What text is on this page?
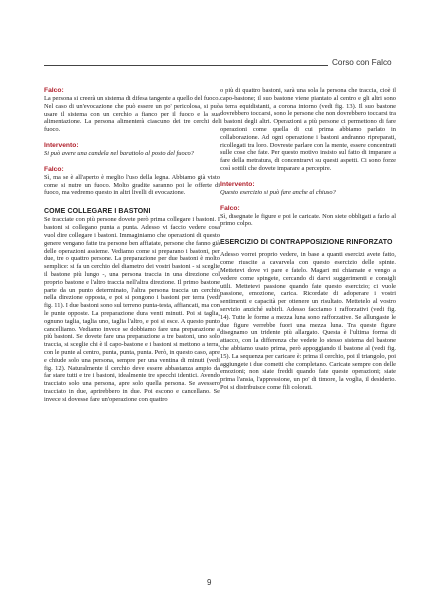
Corso con Falco

Falco:

La persona si creerà un sistema di difesa tangente a quello del fuoco. Nel caso di un'evocazione che può essere un po' pericolosa, si può usare il sistema con un cerchio a fianco per il fuoco e la sua alimentazione. La persona alimenterà ciascuno dei tre cerchi del fuoco.

Intervento:

Si può avere una candela nel barattolo al posto del fuoco?

Falco:

Sì, ma se è all'aperto è meglio l'uso della legna. Abbiamo già visto come si nutre un fuoco. Molto gradite saranno poi le offerte di fuoco, ma vedremo questo in altri livelli di evocazione.

COME COLLEGARE I BASTONI

Se tracciate con più persone dovete però prima collegare i bastoni. I bastoni si collegano punta a punta. Adesso vi faccio vedere cosa vuol dire collegare i bastoni. Immaginiamo che operazioni di questo genere vengano fatte tra persone ben affiatate, persone che fanno già delle operazioni assieme. Vediamo come si preparano i bastoni, per due, tre o quattro persone. La preparazione per due bastoni è molto semplice: si fa un cerchio del diametro dei vostri bastoni - si sceglie il bastone più lungo -, una persona traccia in una direzione col proprio bastone e l'altro traccia nell'altra direzione. Il primo bastone parte da un punto determinato, l'altra persona traccia un cerchio nella direzione opposta, e poi si pongono i bastoni per terra (vedi fig. 11). I due bastoni sono sul terreno punta-testa, affiancati, ma con le punte opposte. La preparazione dura venti minuti. Poi si taglia, ognuno taglia, taglia uno, taglia l'altro, e poi si esce. A questo punto cancelliamo. Vediamo invece se dobbiamo fare una preparazione a più bastoni. Se dovete fare una preparazione a tre bastoni, uno solo traccia, si sceglie chi è il capo-bastone e i bastoni si mettono a terra, con le punte al centro, punta, punta, punta. Però, in questo caso, apre e chiude solo una persona, sempre per una ventina di minuti (vedi fig. 12). Naturalmente il cerchio deve essere abbastanza ampio da far stare tutti e tre i bastoni, idealmente tre specchi identici. Avendo tracciato solo una persona, apre solo quella persona. Se avessero tracciato in due, aprirebbero in due. Poi escono e cancellano. Se invece si dovesse fare un'operazione con quattro

o più di quattro bastoni, sarà una sola la persona che traccia, cioè il capo-bastone; il suo bastone viene piantato al centro e gli altri sono a terra equidistanti, a corona intorno (vedi fig. 13). Il suo bastone dovrebbero toccarsi, sono le persone che non dovrebbero toccarsi tra i bastoni degli altri. Operazioni a più persone ci permettono di fare operazioni come quella di cui prima abbiamo parlato in collaborazione. Ad ogni operazione i bastoni andranno ripreparati, ricollegati tra loro. Dovreste parlare con la mente, essere concentrati sulle cose che fate. Per questo motivo insisto sul fatto di imparare a fare della metratura, di concentrarvi su questi aspetti. Ci sono forze così sottili che dovete imparare a percepire.

Intervento:

Questo esercizio si può fare anche al chiuso?

Falco:

Sì, disegnate le figure e poi le caricate. Non siete obbligati a farlo al primo colpo.

ESERCIZIO DI CONTRAPPOSIZIONE RINFORZATO

Adesso vorrei proprio vedere, in base a quanti esercizi avete fatto, come riuscite a cavarvela con questo esercizio delle spinte. Mettetevi dove vi pare e fatelo. Magari mi chiamate e vengo a vedere come spingete, cercando di darvi suggerimenti e consigli utili. Mettetevi passione quando fate questo esercizio; ci vuole passione, emozione, carica. Ricordate di adoperare i vostri sentimenti e capacità per ottenere un risultato. Mettetelo al vostro servizio anziché subirli. Adesso facciamo i rafforzativi (vedi fig. 14). Tutte le forme a mezza luna sono rafforzative. Se allungaste le due figure verrebbe fuori una mezza luna. Tra queste figure disegnamo un tridente più allargato. Questa è l'ultima forma di attacco, con la differenza che vedete lo stesso sistema del bastone che abbiamo usato prima, però appoggiando il bastone al (vedi fig. 15). La sequenza per caricare è: prima il cerchio, poi il triangolo, poi aggiungete i due cometti che completano. Caricate sempre con delle emozioni; non siate freddi quando fate queste operazioni; siate prima l'ansia, l'appressione, un po' di timore, la voglia, il desiderio. Poi si distribuisce come fili colorati.

9
